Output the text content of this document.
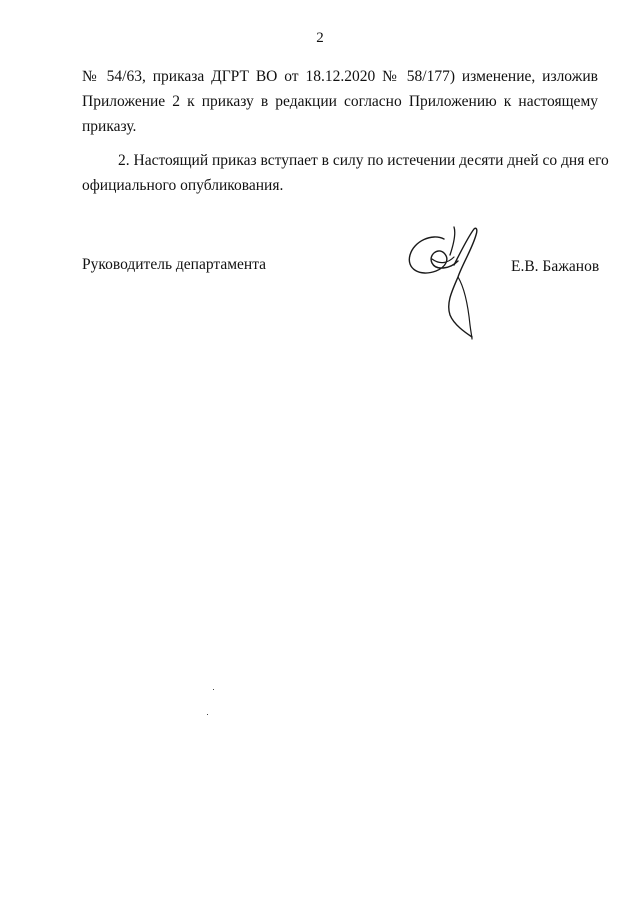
2
№ 54/63, приказа ДГРТ ВО от 18.12.2020 № 58/177) изменение, изложив
Приложение 2 к приказу в редакции согласно Приложению к настоящему
приказу.
2. Настоящий приказ вступает в силу по истечении десяти дней со дня его
официального опубликования.
Руководитель департамента	Е.В. Бажанов
